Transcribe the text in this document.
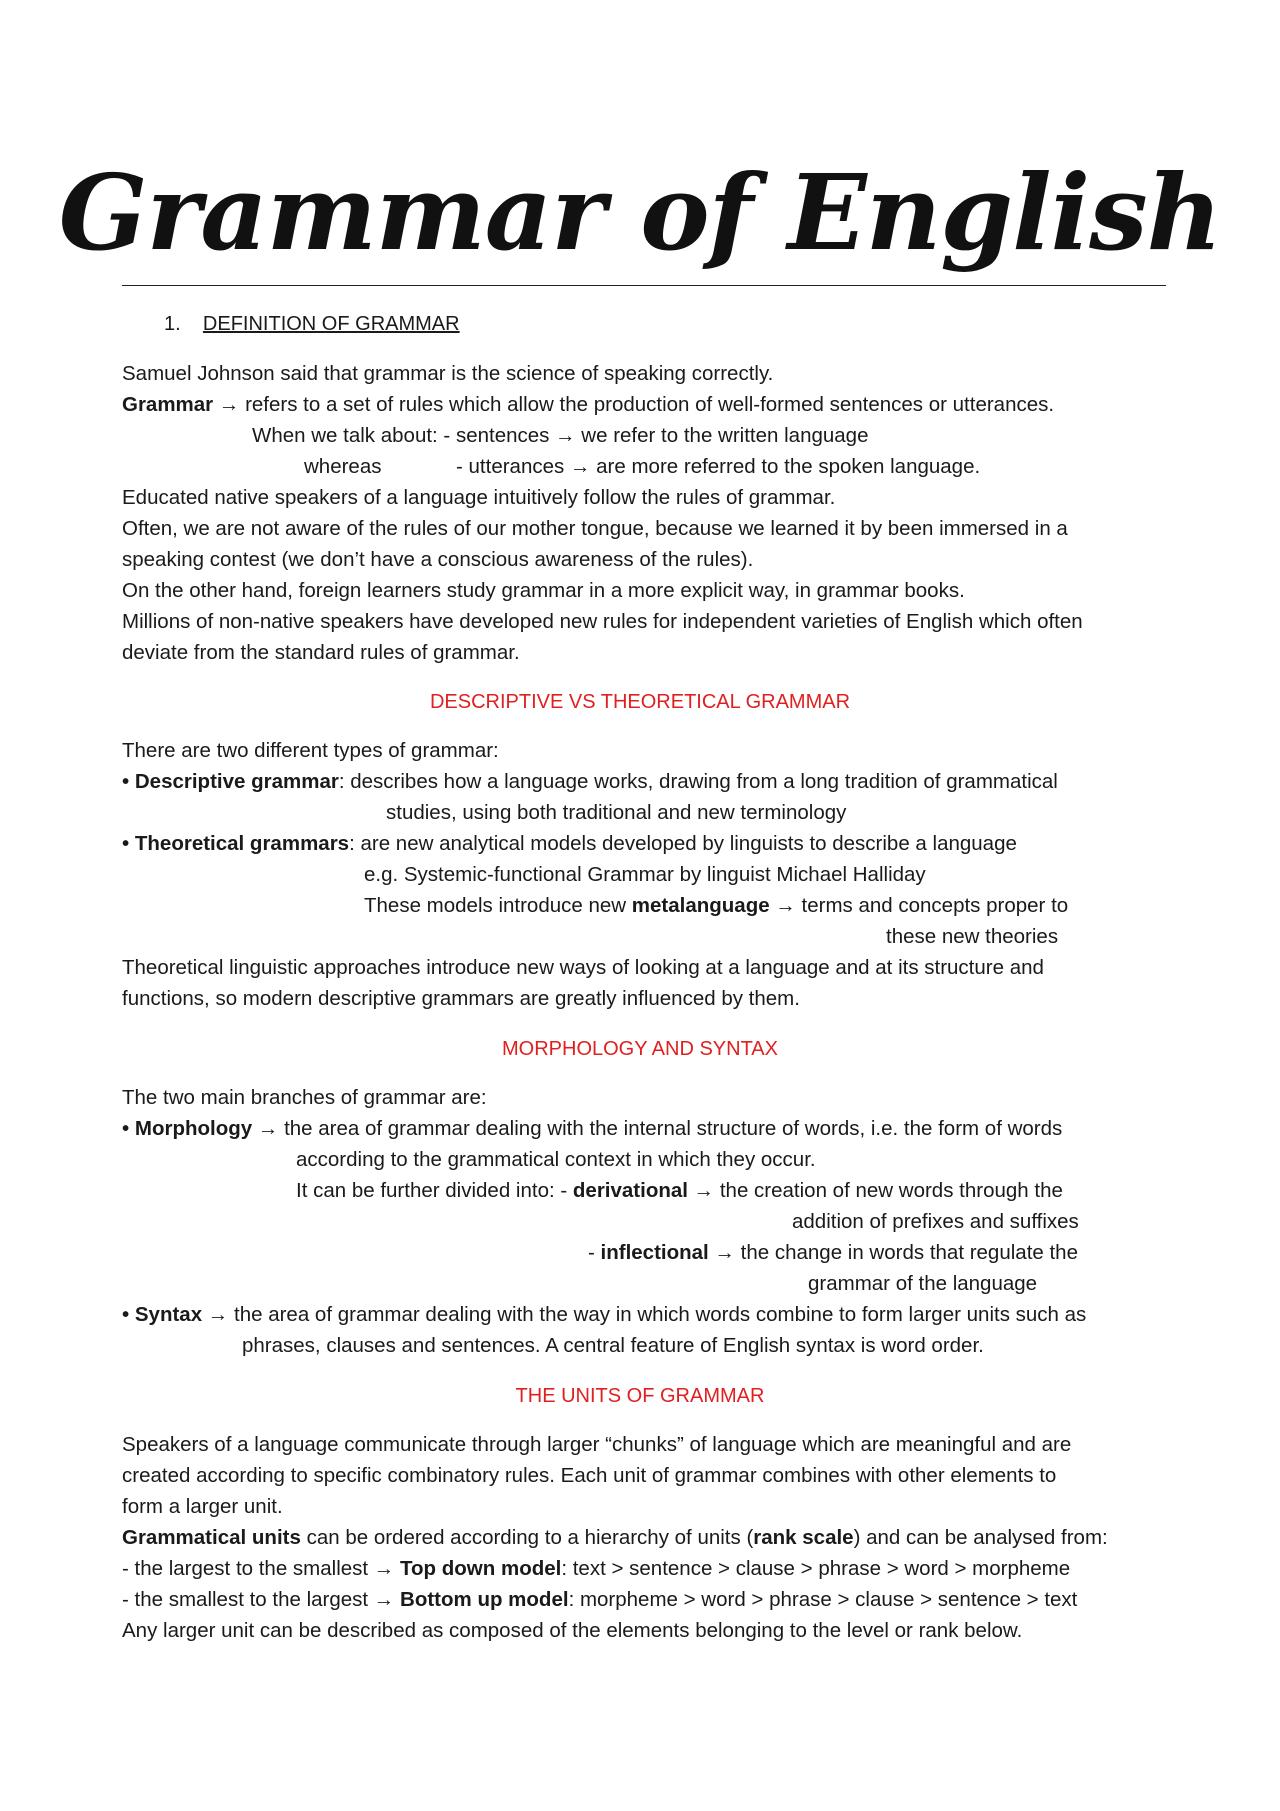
Grammar of English
1. DEFINITION OF GRAMMAR
Samuel Johnson said that grammar is the science of speaking correctly.
Grammar → refers to a set of rules which allow the production of well-formed sentences or utterances.
When we talk about: - sentences → we refer to the written language
whereas	- utterances → are more referred to the spoken language.
Educated native speakers of a language intuitively follow the rules of grammar.
Often, we are not aware of the rules of our mother tongue, because we learned it by been immersed in a
speaking contest (we don’t have a conscious awareness of the rules).
On the other hand, foreign learners study grammar in a more explicit way, in grammar books.
Millions of non-native speakers have developed new rules for independent varieties of English which often
deviate from the standard rules of grammar.
DESCRIPTIVE VS THEORETICAL GRAMMAR
There are two different types of grammar:
• Descriptive grammar: describes how a language works, drawing from a long tradition of grammatical
studies, using both traditional and new terminology
• Theoretical grammars: are new analytical models developed by linguists to describe a language
e.g. Systemic-functional Grammar by linguist Michael Halliday
These models introduce new metalanguage → terms and concepts proper to
these new theories
Theoretical linguistic approaches introduce new ways of looking at a language and at its structure and
functions, so modern descriptive grammars are greatly influenced by them.
MORPHOLOGY AND SYNTAX
The two main branches of grammar are:
• Morphology → the area of grammar dealing with the internal structure of words, i.e. the form of words
according to the grammatical context in which they occur.
It can be further divided into: - derivational → the creation of new words through the
addition of prefixes and suffixes
- inflectional → the change in words that regulate the
grammar of the language
• Syntax → the area of grammar dealing with the way in which words combine to form larger units such as
phrases, clauses and sentences. A central feature of English syntax is word order.
THE UNITS OF GRAMMAR
Speakers of a language communicate through larger “chunks” of language which are meaningful and are
created according to specific combinatory rules. Each unit of grammar combines with other elements to
form a larger unit.
Grammatical units can be ordered according to a hierarchy of units (rank scale) and can be analysed from:
- the largest to the smallest → Top down model: text > sentence > clause > phrase > word > morpheme
- the smallest to the largest → Bottom up model: morpheme > word > phrase > clause > sentence > text
Any larger unit can be described as composed of the elements belonging to the level or rank below.
